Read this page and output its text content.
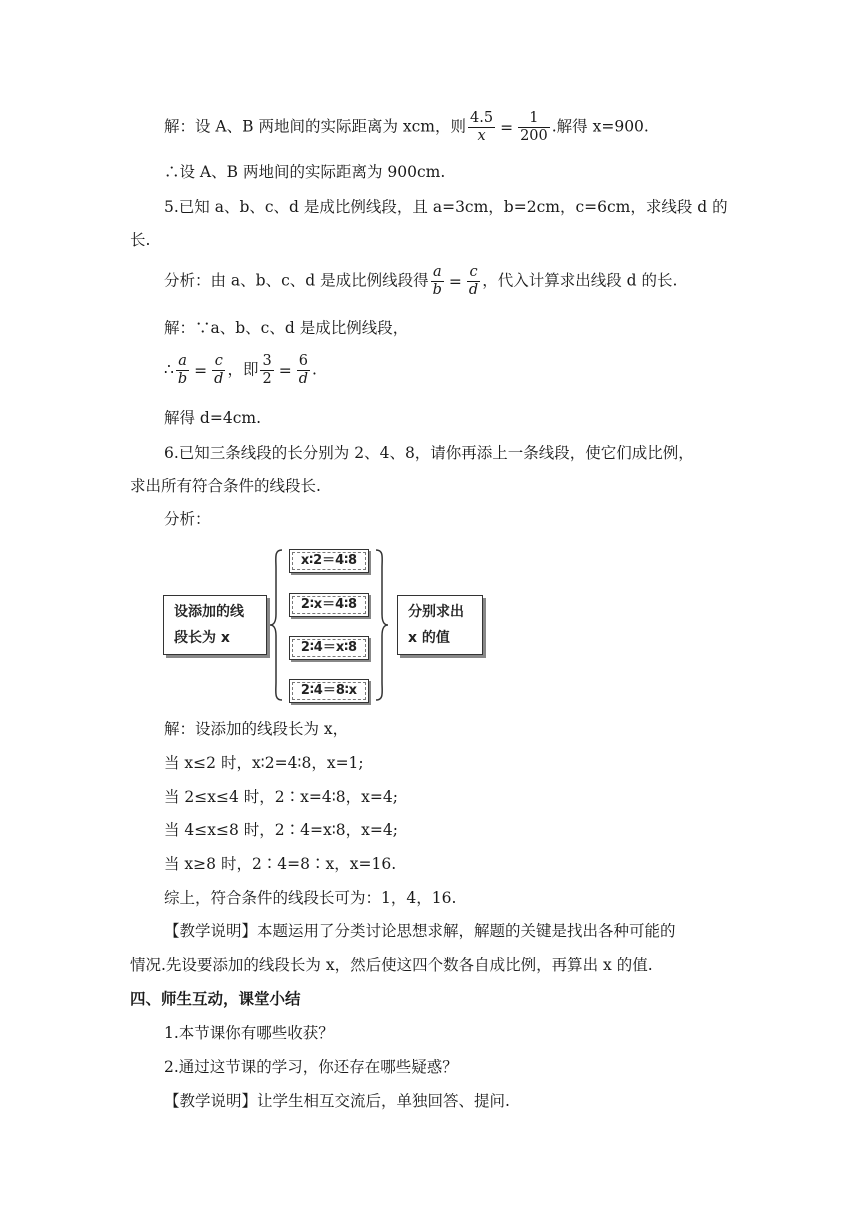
解：设 A、B 两地间的实际距离为 xcm，则 $\frac{4.5}{x} = \frac{1}{200}$ .解得 x=900.
∴设 A、B 两地间的实际距离为 900cm.
5.已知 a、b、c、d 是成比例线段，且 a=3cm，b=2cm，c=6cm，求线段 d 的
长.
分析：由 a、b、c、d 是成比例线段得 $\frac{a}{b} = \frac{c}{d}$ ，代入计算求出线段 d 的长.
解：∵a、b、c、d 是成比例线段，
∴ $\frac{a}{b} = \frac{c}{d}$ ，即 $\frac{3}{2} = \frac{6}{d}$ .
解得 d=4cm.
6.已知三条线段的长分别为 2、4、8，请你再添上一条线段，使它们成比例，
求出所有符合条件的线段长.
分析：
设添加的线
段长为 x
x∶2＝4∶8
2∶x＝4∶8
2∶4＝x∶8
2∶4＝8∶x
分别求出
x 的值
解：设添加的线段长为 x，
当 x≤2 时，x∶2=4∶8，x=1;
当 2≤x≤4 时，2∶x=4∶8，x=4;
当 4≤x≤8 时，2∶4=x∶8，x=4;
当 x≥8 时，2∶4=8∶x，x=16.
综上，符合条件的线段长可为：1，4，16.
【教学说明】本题运用了分类讨论思想求解，解题的关键是找出各种可能的
情况.先设要添加的线段长为 x，然后使这四个数各自成比例，再算出 x 的值.
四、师生互动，课堂小结
1.本节课你有哪些收获？
2.通过这节课的学习，你还存在哪些疑惑？
【教学说明】让学生相互交流后，单独回答、提问.
